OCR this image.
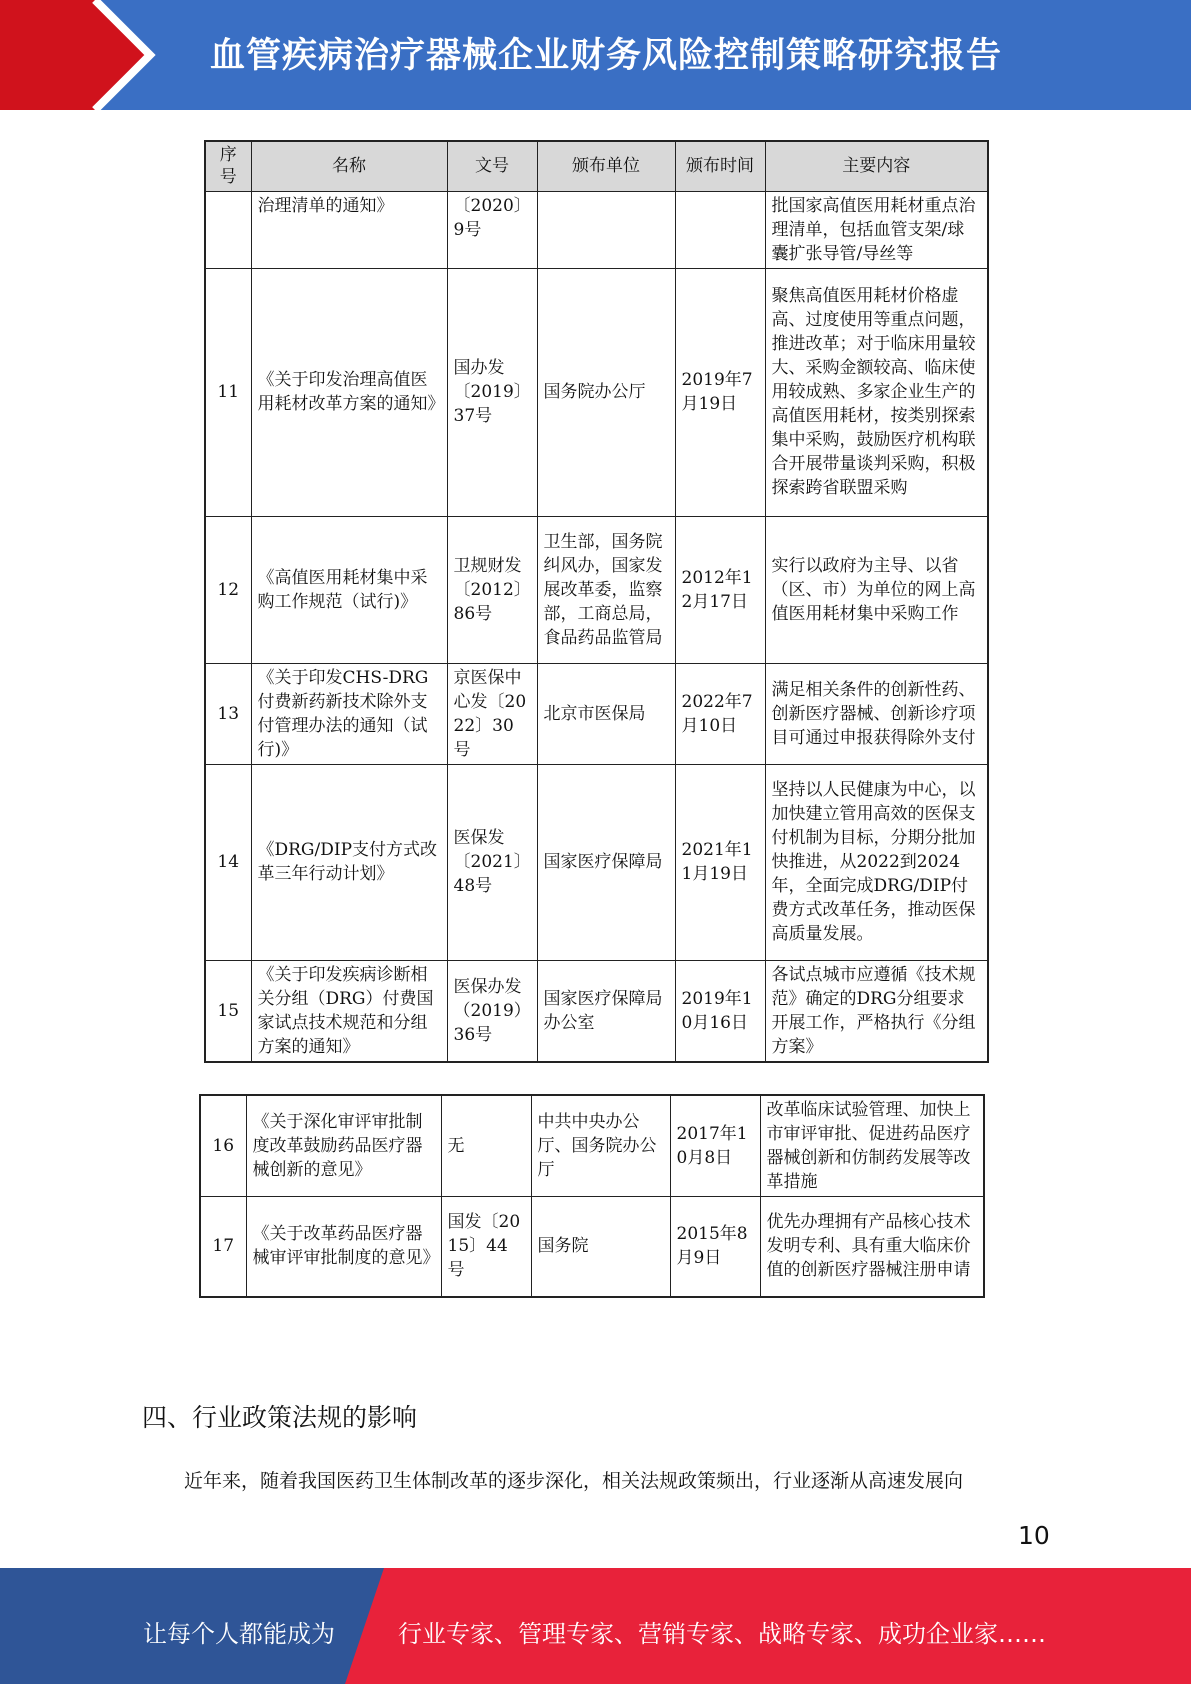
血管疾病治疗器械企业财务风险控制策略研究报告
序号	名称	文号	颁布单位	颁布时间	主要内容
	治理清单的通知》	〔2020〕9号			批国家高值医用耗材重点治理清单，包括血管支架/球囊扩张导管/导丝等
11	《关于印发治理高值医用耗材改革方案的通知》	国办发〔2019〕37号	国务院办公厅	2019年7月19日	聚焦高值医用耗材价格虚高、过度使用等重点问题，推进改革；对于临床用量较大、采购金额较高、临床使用较成熟、多家企业生产的高值医用耗材，按类别探索集中采购，鼓励医疗机构联合开展带量谈判采购，积极探索跨省联盟采购
12	《高值医用耗材集中采购工作规范（试行)》	卫规财发〔2012〕86号	卫生部，国务院纠风办，国家发展改革委，监察部，工商总局，食品药品监管局	2012年12月17日	实行以政府为主导、以省（区、市）为单位的网上高值医用耗材集中采购工作
13	《关于印发CHS-DRG付费新药新技术除外支付管理办法的通知（试行)》	京医保中心发〔2022〕30号	北京市医保局	2022年7月10日	满足相关条件的创新性药、创新医疗器械、创新诊疗项目可通过申报获得除外支付
14	《DRG/DIP支付方式改革三年行动计划》	医保发〔2021〕48号	国家医疗保障局	2021年11月19日	坚持以人民健康为中心，以加快建立管用高效的医保支付机制为目标，分期分批加快推进，从2022到2024年，全面完成DRG/DIP付费方式改革任务，推动医保高质量发展。
15	《关于印发疾病诊断相关分组（DRG）付费国家试点技术规范和分组方案的通知》	医保办发（2019）36号	国家医疗保障局办公室	2019年10月16日	各试点城市应遵循《技术规范》确定的DRG分组要求开展工作，严格执行《分组方案》
16	《关于深化审评审批制度改革鼓励药品医疗器械创新的意见》	无	中共中央办公厅、国务院办公厅	2017年10月8日	改革临床试验管理、加快上市审评审批、促进药品医疗器械创新和仿制药发展等改革措施
17	《关于改革药品医疗器械审评审批制度的意见》	国发〔2015〕44号	国务院	2015年8月9日	优先办理拥有产品核心技术发明专利、具有重大临床价值的创新医疗器械注册申请
四、行业政策法规的影响
近年来，随着我国医药卫生体制改革的逐步深化，相关法规政策频出，行业逐渐从高速发展向
10
让每个人都能成为	行业专家、管理专家、营销专家、战略专家、成功企业家……
